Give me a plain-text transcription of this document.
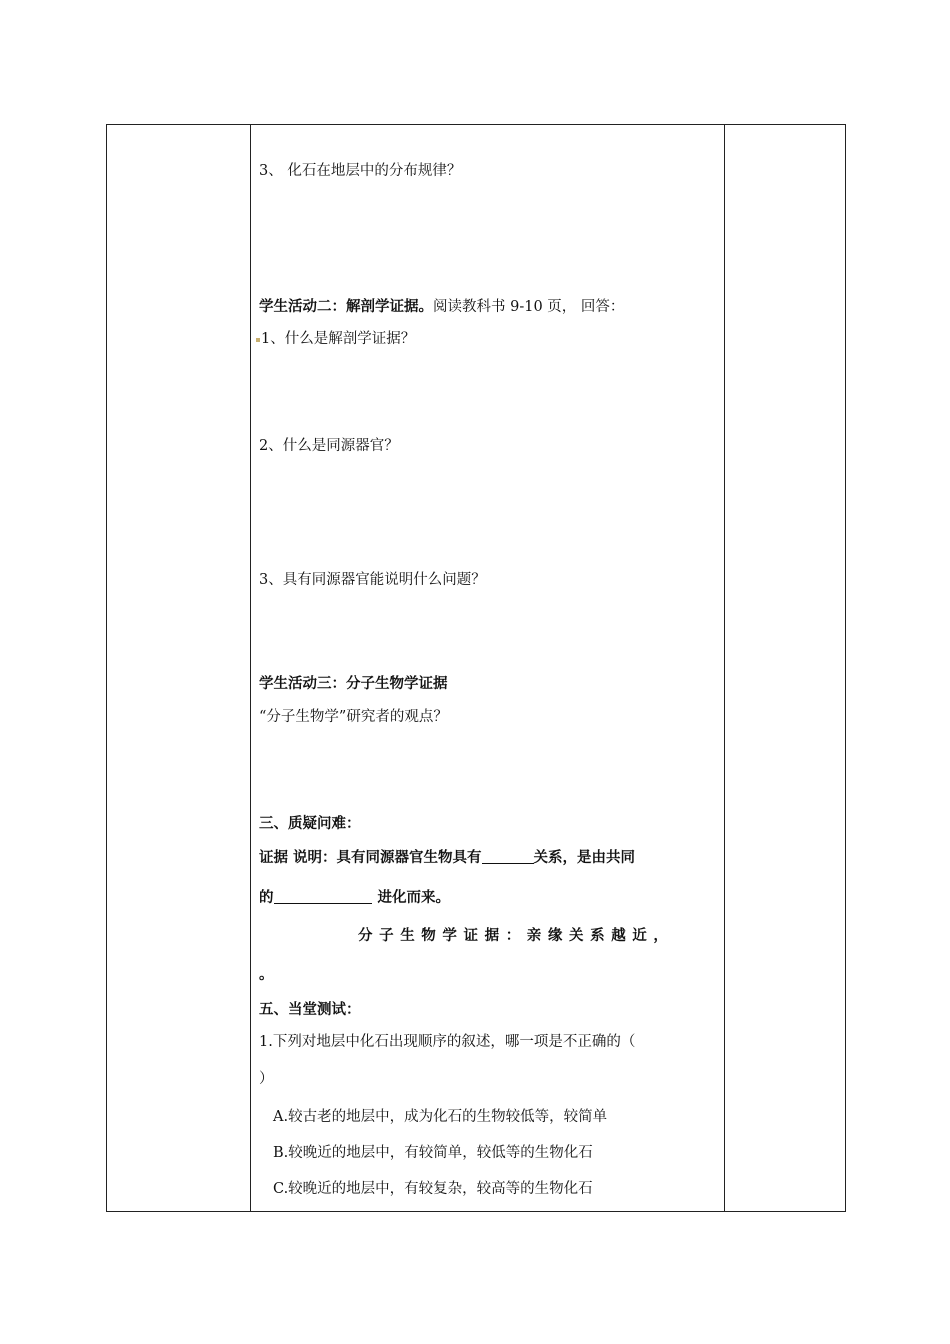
3、 化石在地层中的分布规律？
学生活动二：解剖学证据。阅读教科书 9-10 页， 回答：
1、什么是解剖学证据？
2、什么是同源器官？
3、具有同源器官能说明什么问题？
学生活动三：分子生物学证据
“分子生物学”研究者的观点？
三、质疑问难：
证据 说明：具有同源器官生物具有	关系，是由共同
的	进化而来。
分子生物学证据：亲缘关系越近，
。
五、当堂测试：
1.下列对地层中化石出现顺序的叙述，哪一项是不正确的（
）
A.较古老的地层中，成为化石的生物较低等，较简单
B.较晚近的地层中，有较简单，较低等的生物化石
C.较晚近的地层中，有较复杂，较高等的生物化石
